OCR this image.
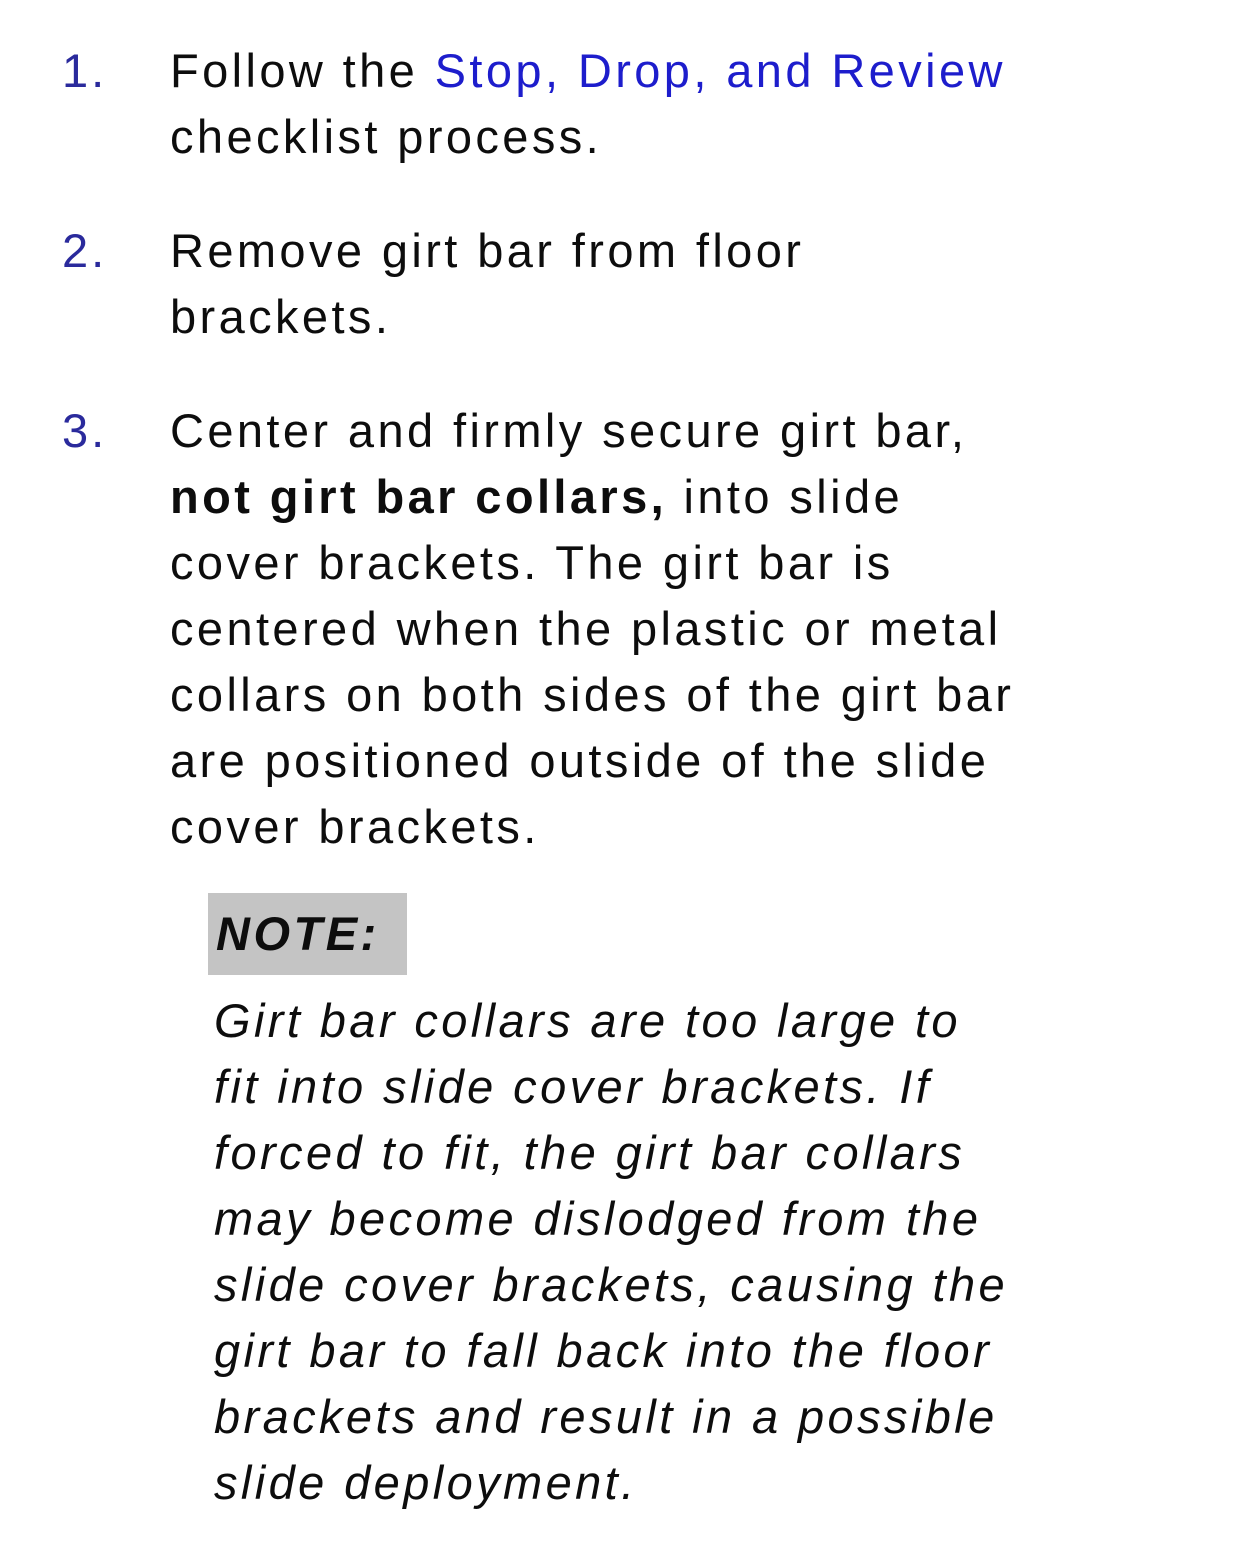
1. Follow the Stop, Drop, and Review
checklist process.

2. Remove girt bar from floor
brackets.

3. Center and firmly secure girt bar,
not girt bar collars, into slide
cover brackets. The girt bar is
centered when the plastic or metal
collars on both sides of the girt bar
are positioned outside of the slide
cover brackets.

NOTE:

Girt bar collars are too large to
fit into slide cover brackets. If
forced to fit, the girt bar collars
may become dislodged from the
slide cover brackets, causing the
girt bar to fall back into the floor
brackets and result in a possible
slide deployment.
